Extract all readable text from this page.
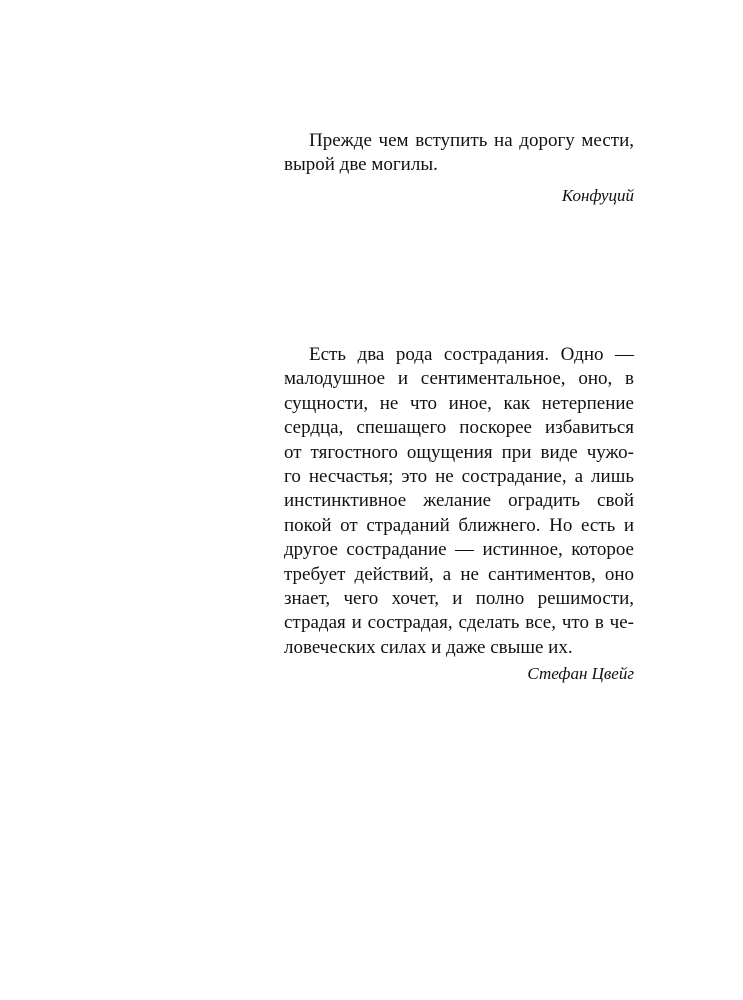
Прежде чем вступить на дорогу мести,
вырой две могилы.
Конфуций
Есть два рода сострадания. Одно —
малодушное и сентиментальное, оно, в
сущности, не что иное, как нетерпение
сердца, спешащего поскорее избавиться
от тягостного ощущения при виде чужо-
го несчастья; это не сострадание, а лишь
инстинктивное желание оградить свой
покой от страданий ближнего. Но есть и
другое сострадание — истинное, которое
требует действий, а не сантиментов, оно
знает, чего хочет, и полно решимости,
страдая и сострадая, сделать все, что в че-
ловеческих силах и даже свыше их.
Стефан Цвейг
